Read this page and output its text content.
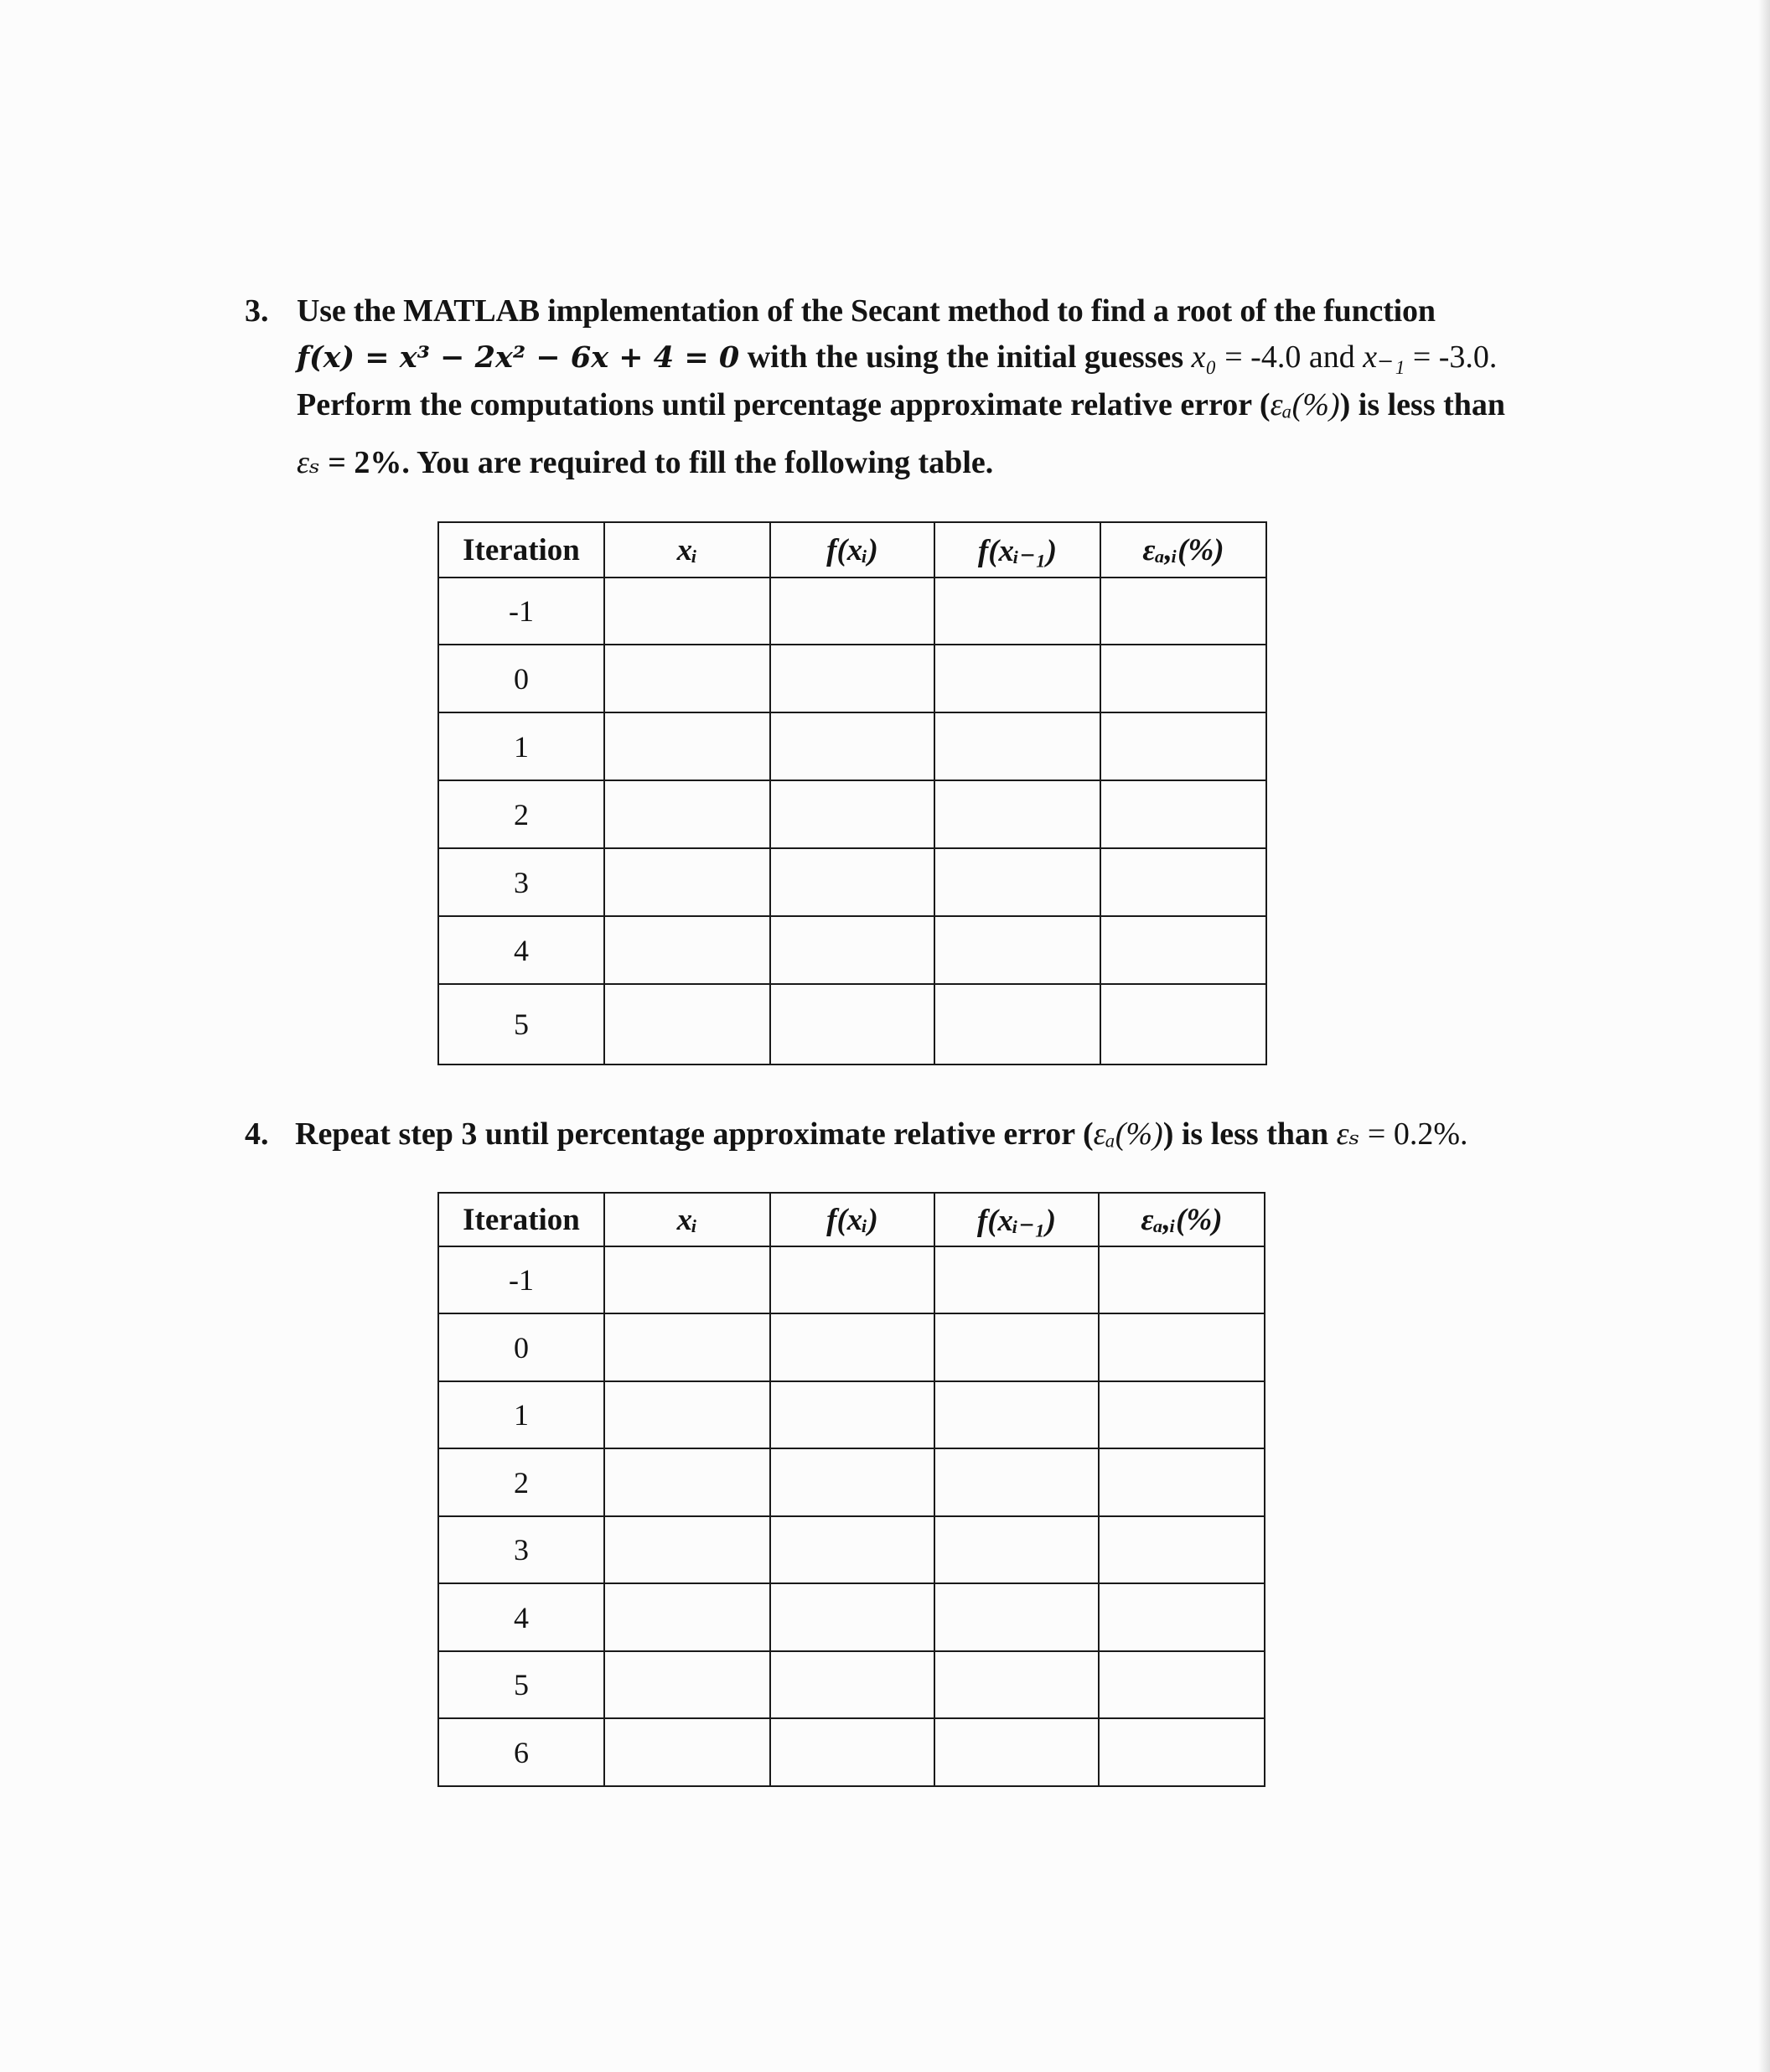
3. Use the MATLAB implementation of the Secant method to find a root of the function
f(x) = x³ − 2x² − 6x + 4 = 0 with the using the initial guesses x₀ = -4.0 and x₋₁ = -3.0.
Perform the computations until percentage approximate relative error (εₐ(%)) is less than
εₛ = 2%. You are required to fill the following table.
Iteration	xᵢ	f(xᵢ)	f(xᵢ₋₁)	εₐ,ᵢ(%)
-1				
0				
1				
2				
3				
4				
5				
4. Repeat step 3 until percentage approximate relative error (εₐ(%)) is less than εₛ = 0.2%.
Iteration	xᵢ	f(xᵢ)	f(xᵢ₋₁)	εₐ,ᵢ(%)
-1				
0				
1				
2				
3				
4				
5				
6				
